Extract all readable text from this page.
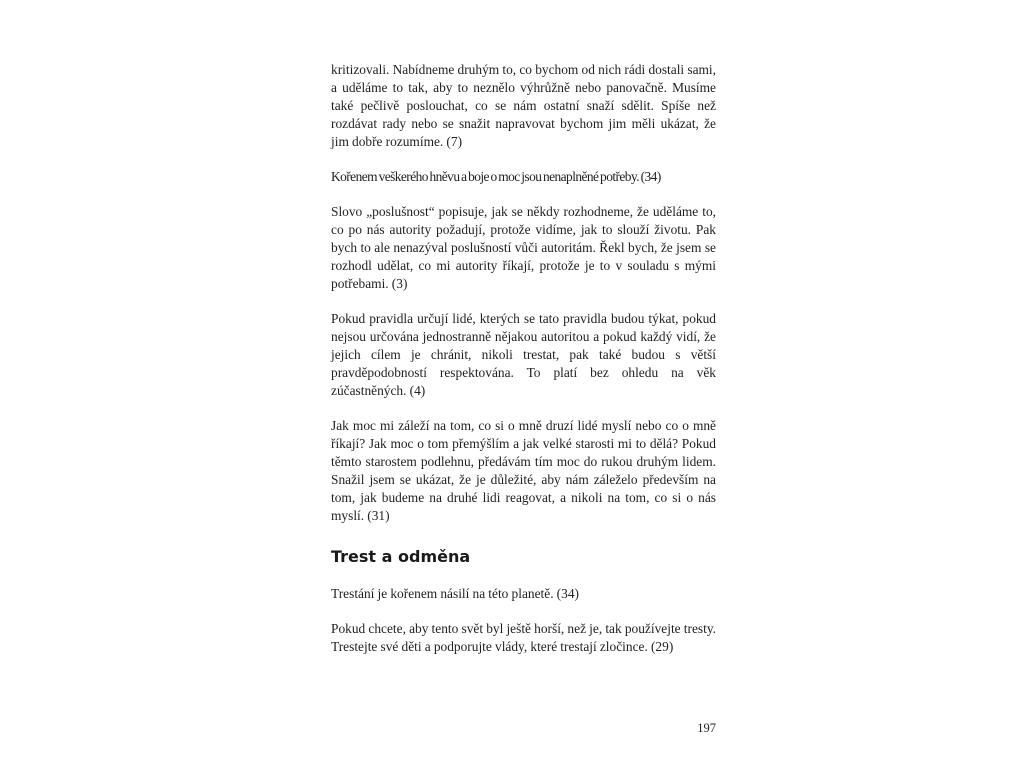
kritizovali. Nabídneme druhým to, co bychom od nich rádi dostali sami, a uděláme to tak, aby to neznělo výhrůžně nebo panovačně. Musíme také pečlivě poslouchat, co se nám ostatní snaží sdělit. Spíše než rozdávat rady nebo se snažit napravovat bychom jim měli ukázat, že jim dobře rozumíme. (7)

Kořenem veškerého hněvu a boje o moc jsou nenaplněné potřeby. (34)

Slovo „poslušnost“ popisuje, jak se někdy rozhodneme, že uděláme to, co po nás autority požadují, protože vidíme, jak to slouží životu. Pak bych to ale nenazýval poslušností vůči autoritám. Řekl bych, že jsem se rozhodl udělat, co mi autority říkají, protože je to v souladu s mými potřebami. (3)

Pokud pravidla určují lidé, kterých se tato pravidla budou týkat, pokud nejsou určována jednostranně nějakou autoritou a pokud každý vidí, že jejich cílem je chránit, nikoli trestat, pak také budou s větší pravděpodobností respektována. To platí bez ohledu na věk zúčastněných. (4)

Jak moc mi záleží na tom, co si o mně druzí lidé myslí nebo co o mně říkají? Jak moc o tom přemýšlím a jak velké starosti mi to dělá? Pokud těmto starostem podlehnu, předávám tím moc do rukou druhým lidem. Snažil jsem se ukázat, že je důležité, aby nám záleželo především na tom, jak budeme na druhé lidi reagovat, a nikoli na tom, co si o nás myslí. (31)

Trest a odměna

Trestání je kořenem násilí na této planetě. (34)

Pokud chcete, aby tento svět byl ještě horší, než je, tak používejte tresty. Trestejte své děti a podporujte vlády, které trestají zločince. (29)

197
